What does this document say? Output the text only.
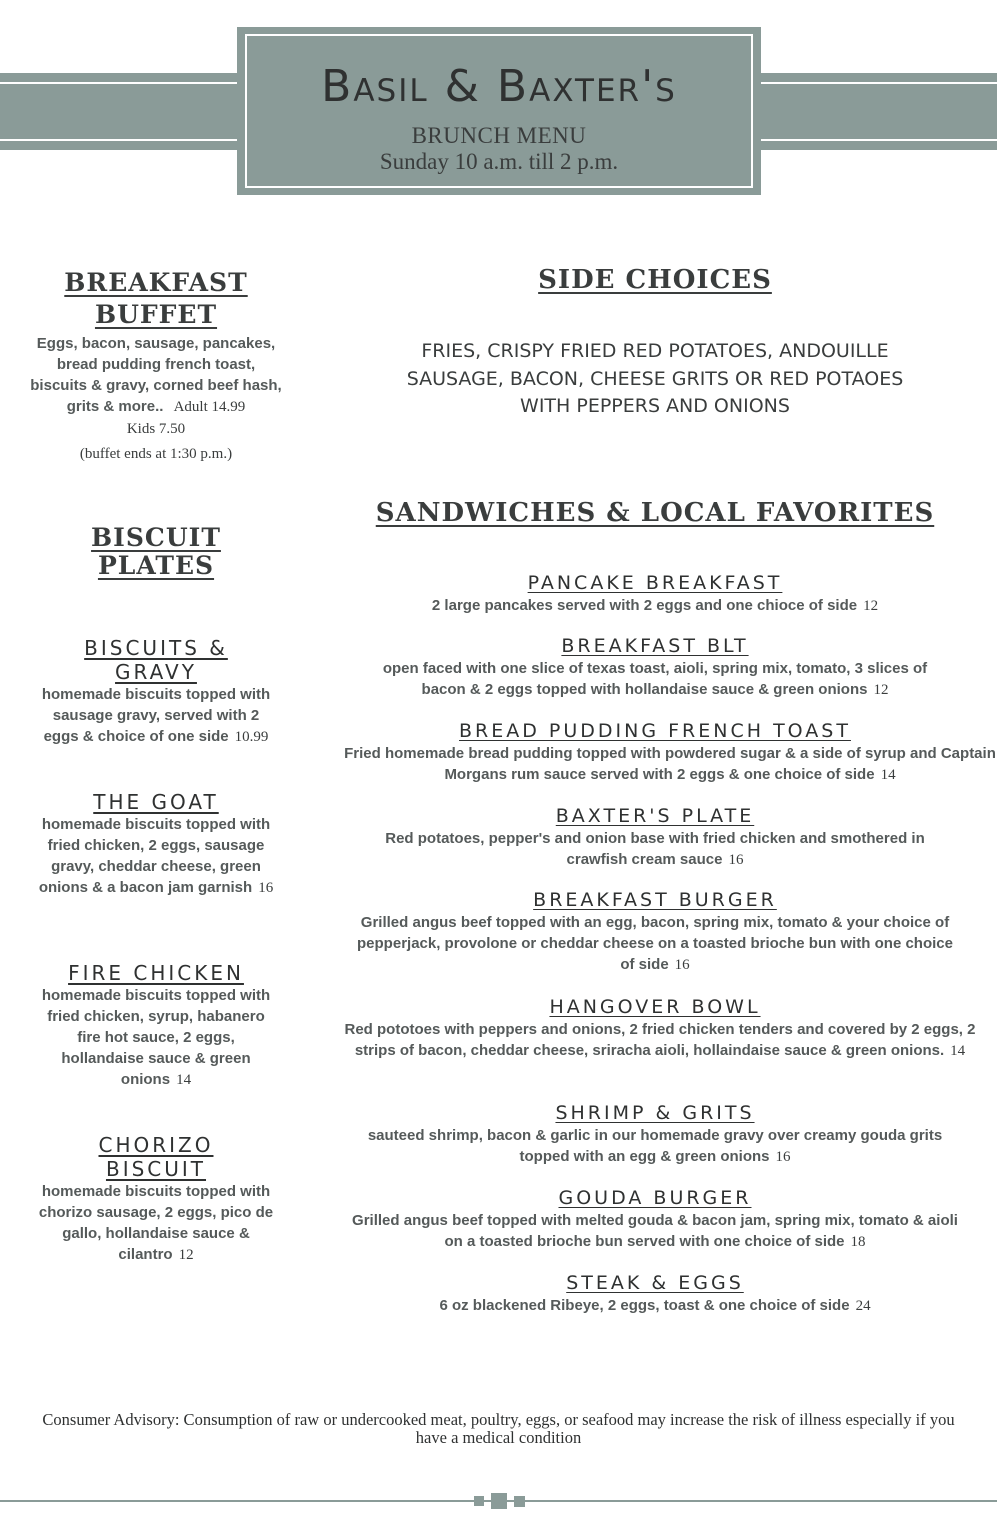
Basil & Baxter's
BRUNCH MENU
Sunday 10 a.m. till 2 p.m.
BREAKFAST
BUFFET
Eggs, bacon, sausage, pancakes, bread pudding french toast, biscuits & gravy, corned beef hash, grits & more.. Adult 14.99
Kids 7.50
(buffet ends at 1:30 p.m.)
BISCUIT
PLATES
BISCUITS &
GRAVY
homemade biscuits topped with sausage gravy, served with 2 eggs & choice of one side 10.99
THE GOAT
homemade biscuits topped with fried chicken, 2 eggs, sausage gravy, cheddar cheese, green onions & a bacon jam garnish 16
FIRE CHICKEN
homemade biscuits topped with fried chicken, syrup, habanero fire hot sauce, 2 eggs, hollandaise sauce & green onions 14
CHORIZO
BISCUIT
homemade biscuits topped with chorizo sausage, 2 eggs, pico de gallo, hollandaise sauce & cilantro 12
SIDE CHOICES
FRIES, CRISPY FRIED RED POTATOES, ANDOUILLE SAUSAGE, BACON, CHEESE GRITS OR RED POTAOES WITH PEPPERS AND ONIONS
SANDWICHES & LOCAL FAVORITES
PANCAKE BREAKFAST
2 large pancakes served with 2 eggs and one chioce of side 12
BREAKFAST BLT
open faced with one slice of texas toast, aioli, spring mix, tomato, 3 slices of bacon & 2 eggs topped with hollandaise sauce & green onions 12
BREAD PUDDING FRENCH TOAST
Fried homemade bread pudding topped with powdered sugar & a side of syrup and Captain Morgans rum sauce served with 2 eggs & one choice of side 14
BAXTER'S PLATE
Red potatoes, pepper's and onion base with fried chicken and smothered in crawfish cream sauce 16
BREAKFAST BURGER
Grilled angus beef topped with an egg, bacon, spring mix, tomato & your choice of pepperjack, provolone or cheddar cheese on a toasted brioche bun with one choice of side 16
HANGOVER BOWL
Red pototoes with peppers and onions, 2 fried chicken tenders and covered by 2 eggs, 2 strips of bacon, cheddar cheese, sriracha aioli, hollaindaise sauce & green onions. 14
SHRIMP & GRITS
sauteed shrimp, bacon & garlic in our homemade gravy over creamy gouda grits topped with an egg & green onions 16
GOUDA BURGER
Grilled angus beef topped with melted gouda & bacon jam, spring mix, tomato & aioli on a toasted brioche bun served with one choice of side 18
STEAK & EGGS
6 oz blackened Ribeye, 2 eggs, toast & one choice of side 24
Consumer Advisory: Consumption of raw or undercooked meat, poultry, eggs, or seafood may increase the risk of illness especially if you have a medical condition
